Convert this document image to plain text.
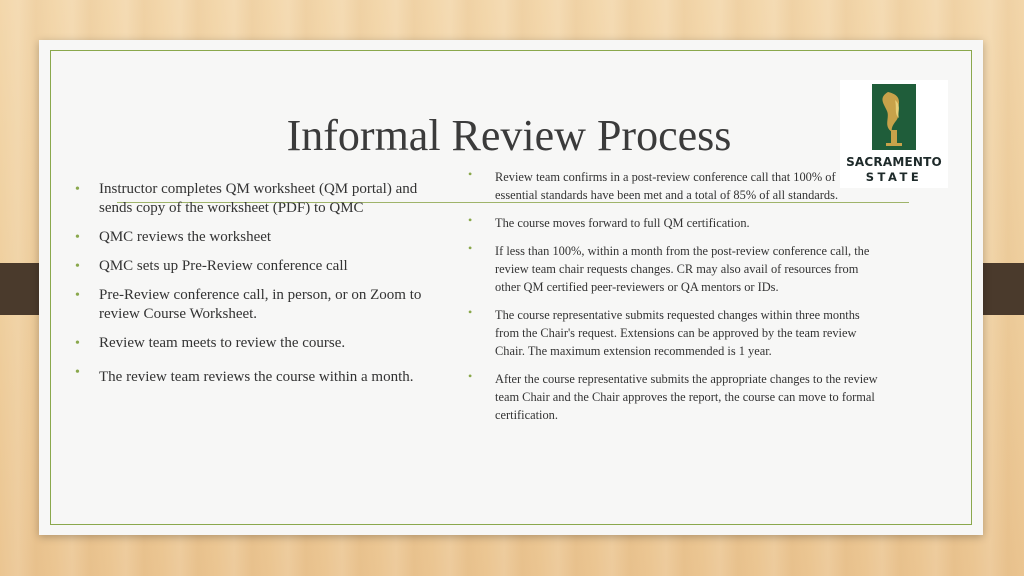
Informal Review Process
SACRAMENTO
STATE
• Instructor completes QM worksheet (QM portal) and sends copy of the worksheet (PDF) to QMC
• QMC reviews the worksheet
• QMC sets up Pre-Review conference call
• Pre-Review conference call, in person, or on Zoom to review Course Worksheet.
• Review team meets to review the course.
• The review team reviews the course within a month.
• Review team confirms in a post-review conference call that 100% of essential standards have been met and a total of 85% of all standards.
• The course moves forward to full QM certification.
• If less than 100%, within a month from the post-review conference call, the review team chair requests changes. CR may also avail of resources from other QM certified peer-reviewers or QA mentors or IDs.
• The course representative submits requested changes within three months from the Chair's request. Extensions can be approved by the team review Chair. The maximum extension recommended is 1 year.
• After the course representative submits the appropriate changes to the review team Chair and the Chair approves the report, the course can move to formal certification.
